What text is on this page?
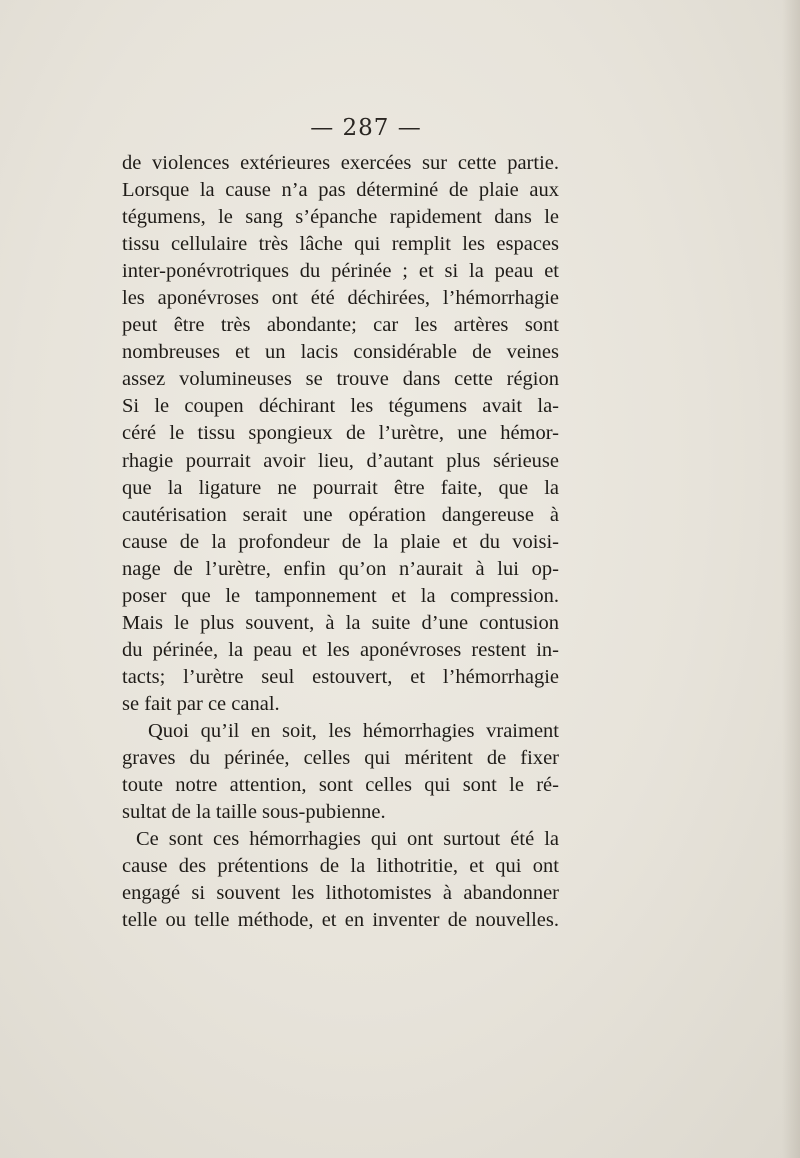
— 287 —
de violences extérieures exercées sur cette partie.
Lorsque la cause n’a pas déterminé de plaie aux
tégumens, le sang s’épanche rapidement dans le
tissu cellulaire très lâche qui remplit les espaces
inter-ponévrotriques du périnée ; et si la peau et
les aponévroses ont été déchirées, l’hémorrhagie
peut être très abondante; car les artères sont
nombreuses et un lacis considérable de veines
assez volumineuses se trouve dans cette région
Si le coupen déchirant les tégumens avait la-
céré le tissu spongieux de l’urètre, une hémor-
rhagie pourrait avoir lieu, d’autant plus sérieuse
que la ligature ne pourrait être faite, que la
cautérisation serait une opération dangereuse à
cause de la profondeur de la plaie et du voisi-
nage de l’urètre, enfin qu’on n’aurait à lui op-
poser que le tamponnement et la compression.
Mais le plus souvent, à la suite d’une contusion
du périnée, la peau et les aponévroses restent in-
tacts; l’urètre seul estouvert, et l’hémorrhagie
se fait par ce canal.
Quoi qu’il en soit, les hémorrhagies vraiment
graves du périnée, celles qui méritent de fixer
toute notre attention, sont celles qui sont le ré-
sultat de la taille sous-pubienne.
Ce sont ces hémorrhagies qui ont surtout été la
cause des prétentions de la lithotritie, et qui ont
engagé si souvent les lithotomistes à abandonner
telle ou telle méthode, et en inventer de nouvelles.
